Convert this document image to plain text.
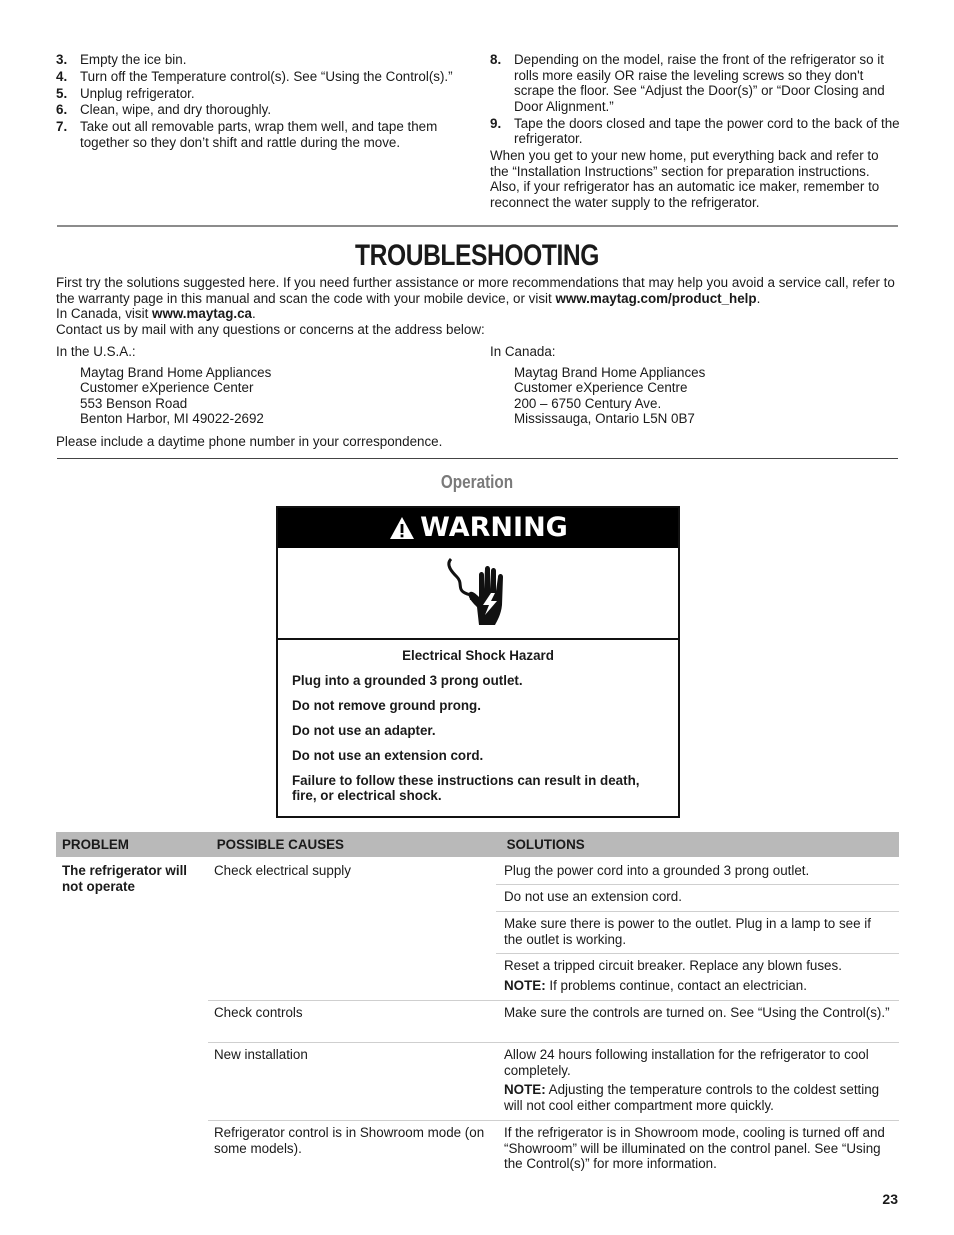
3. Empty the ice bin.
4. Turn off the Temperature control(s). See “Using the Control(s).”
5. Unplug refrigerator.
6. Clean, wipe, and dry thoroughly.
7. Take out all removable parts, wrap them well, and tape them together so they don’t shift and rattle during the move.
8. Depending on the model, raise the front of the refrigerator so it rolls more easily OR raise the leveling screws so they don't scrape the floor. See “Adjust the Door(s)” or “Door Closing and Door Alignment.”
9. Tape the doors closed and tape the power cord to the back of the refrigerator.

When you get to your new home, put everything back and refer to the “Installation Instructions” section for preparation instructions. Also, if your refrigerator has an automatic ice maker, remember to reconnect the water supply to the refrigerator.

TROUBLESHOOTING

First try the solutions suggested here. If you need further assistance or more recommendations that may help you avoid a service call, refer to the warranty page in this manual and scan the code with your mobile device, or visit www.maytag.com/product_help.

In Canada, visit www.maytag.ca.

Contact us by mail with any questions or concerns at the address below:

In the U.S.A.:
Maytag Brand Home Appliances
Customer eXperience Center
553 Benson Road
Benton Harbor, MI 49022-2692
In Canada:
Maytag Brand Home Appliances
Customer eXperience Centre
200 – 6750 Century Ave.
Mississauga, Ontario L5N 0B7
Please include a daytime phone number in your correspondence.
Operation
WARNING
Electrical Shock Hazard

Plug into a grounded 3 prong outlet.

Do not remove ground prong.

Do not use an adapter.

Do not use an extension cord.

Failure to follow these instructions can result in death, fire, or electrical shock.

PROBLEM	POSSIBLE CAUSES	SOLUTIONS
The refrigerator will not operate
Check electrical supply
Check controls
New installation
Refrigerator control is in Showroom mode (on some models).

Plug the power cord into a grounded 3 prong outlet.

Do not use an extension cord.

Make sure there is power to the outlet. Plug in a lamp to see if the outlet is working.

Reset a tripped circuit breaker. Replace any blown fuses.

NOTE: If problems continue, contact an electrician.

Make sure the controls are turned on. See “Using the Control(s).”

Allow 24 hours following installation for the refrigerator to cool completely.

NOTE: Adjusting the temperature controls to the coldest setting will not cool either compartment more quickly.

If the refrigerator is in Showroom mode, cooling is turned off and “Showroom” will be illuminated on the control panel. See “Using the Control(s)” for more information.

23
